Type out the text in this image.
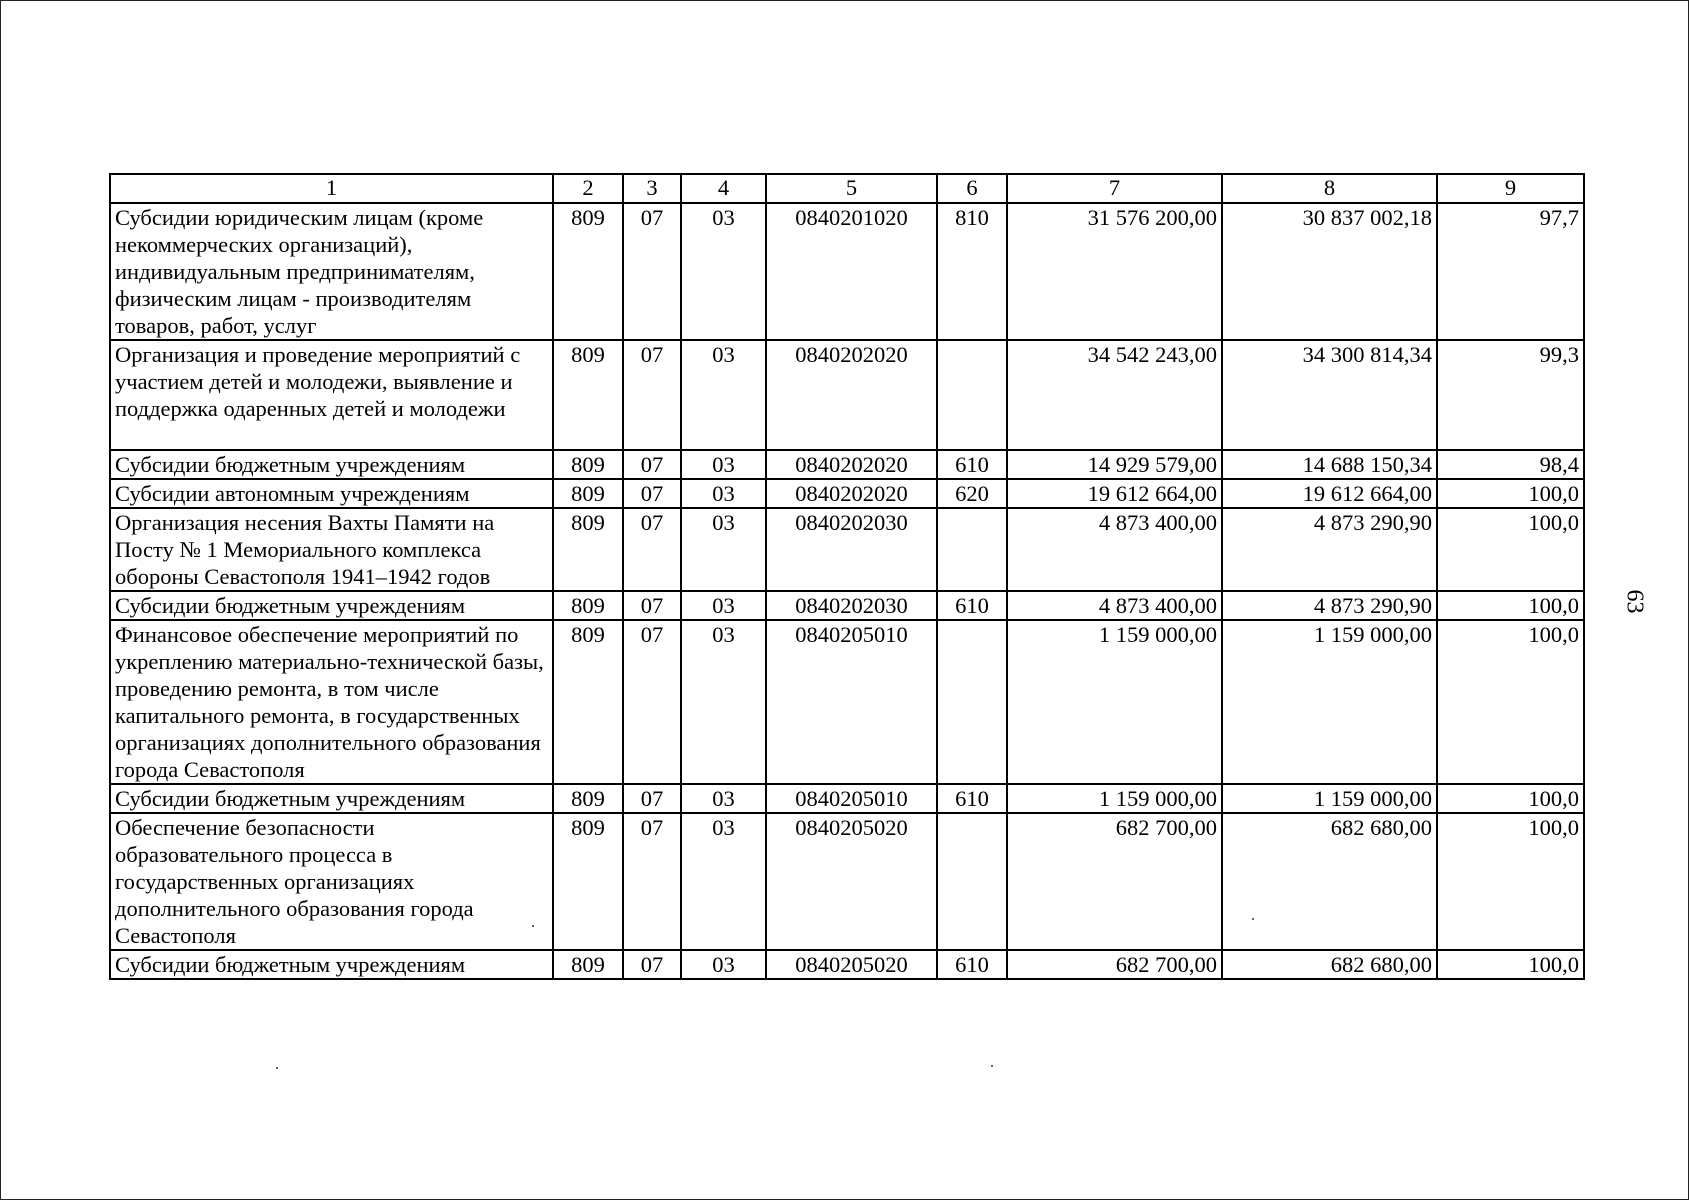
1	2	3	4	5	6	7	8	9
Субсидии юридическим лицам (кроме некоммерческих организаций), индивидуальным предпринимателям, физическим лицам - производителям товаров, работ, услуг	809	07	03	0840201020	810	31 576 200,00	30 837 002,18	97,7
Организация и проведение мероприятий с участием детей и молодежи, выявление и поддержка одаренных детей и молодежи	809	07	03	0840202020		34 542 243,00	34 300 814,34	99,3
Субсидии бюджетным учреждениям	809	07	03	0840202020	610	14 929 579,00	14 688 150,34	98,4
Субсидии автономным учреждениям	809	07	03	0840202020	620	19 612 664,00	19 612 664,00	100,0
Организация несения Вахты Памяти на Посту № 1 Мемориального комплекса обороны Севастополя 1941–1942 годов	809	07	03	0840202030		4 873 400,00	4 873 290,90	100,0
Субсидии бюджетным учреждениям	809	07	03	0840202030	610	4 873 400,00	4 873 290,90	100,0
Финансовое обеспечение мероприятий по укреплению материально-технической базы, проведению ремонта, в том числе капитального ремонта, в государственных организациях дополнительного образования города Севастополя	809	07	03	0840205010		1 159 000,00	1 159 000,00	100,0
Субсидии бюджетным учреждениям	809	07	03	0840205010	610	1 159 000,00	1 159 000,00	100,0
Обеспечение безопасности образовательного процесса в государственных организациях дополнительного образования города Севастополя	809	07	03	0840205020		682 700,00	682 680,00	100,0
Субсидии бюджетным учреждениям	809	07	03	0840205020	610	682 700,00	682 680,00	100,0
63
